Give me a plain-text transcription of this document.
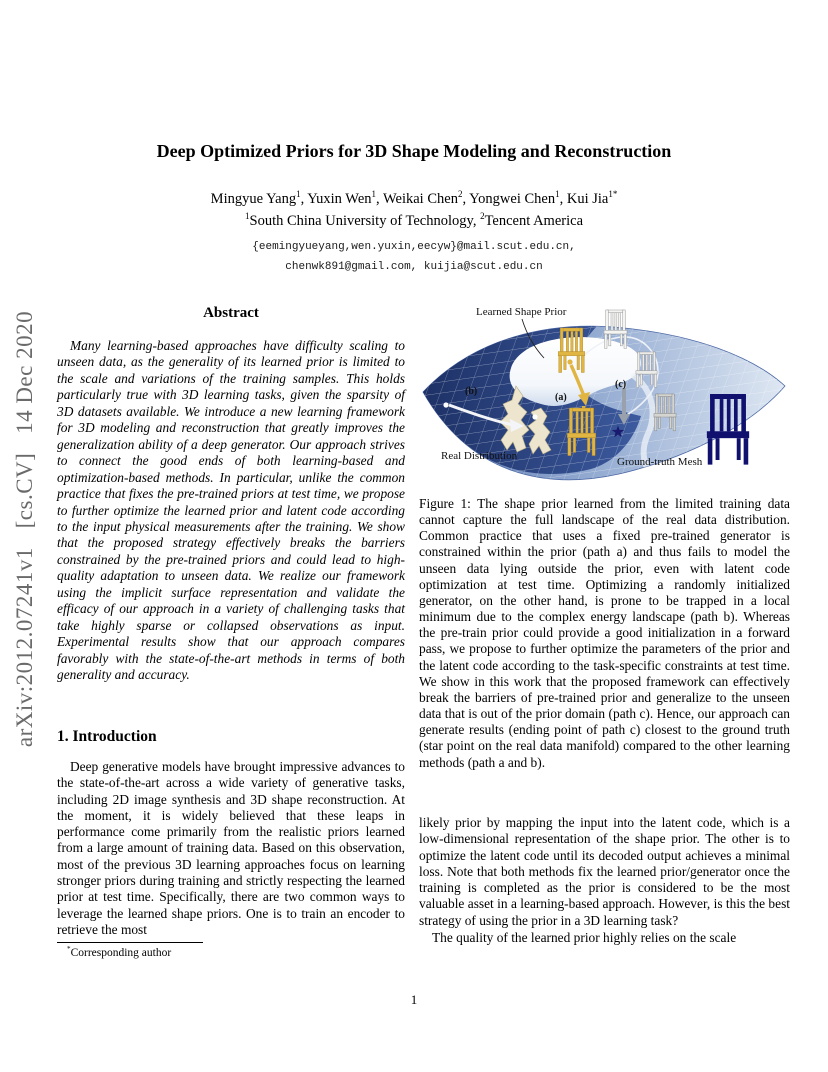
arXiv:2012.07241v1   [cs.CV]   14 Dec 2020
Deep Optimized Priors for 3D Shape Modeling and Reconstruction
Mingyue Yang$^1$, Yuxin Wen$^1$, Weikai Chen$^2$, Yongwei Chen$^1$, Kui Jia$^{1*}$
$^1$South China University of Technology, $^2$Tencent America
{eemingyueyang,wen.yuxin,eecyw}@mail.scut.edu.cn,
chenwk891@gmail.com, kuijia@scut.edu.cn
Abstract
Many learning-based approaches have difficulty scaling to unseen data, as the generality of its learned prior is limited to the scale and variations of the training samples. This holds particularly true with 3D learning tasks, given the sparsity of 3D datasets available. We introduce a new learning framework for 3D modeling and reconstruction that greatly improves the generalization ability of a deep generator. Our approach strives to connect the good ends of both learning-based and optimization-based methods. In particular, unlike the common practice that fixes the pre-trained priors at test time, we propose to further optimize the learned prior and latent code according to the input physical measurements after the training. We show that the proposed strategy effectively breaks the barriers constrained by the pre-trained priors and could lead to high-quality adaptation to unseen data. We realize our framework using the implicit surface representation and validate the efficacy of our approach in a variety of challenging tasks that take highly sparse or collapsed observations as input. Experimental results show that our approach compares favorably with the state-of-the-art methods in terms of both generality and accuracy.
1. Introduction
Deep generative models have brought impressive advances to the state-of-the-art across a wide variety of generative tasks, including 2D image synthesis and 3D shape reconstruction. At the moment, it is widely believed that these leaps in performance come primarily from the realistic priors learned from a large amount of training data. Based on this observation, most of the previous 3D learning approaches focus on learning stronger priors during training and strictly respecting the learned prior at test time. Specifically, there are two common ways to leverage the learned shape priors. One is to train an encoder to retrieve the most
*Corresponding author
Learned Shape Prior
Real Distribution	Ground-truth Mesh
(a)
(b)
(c)
Figure 1: The shape prior learned from the limited training data cannot capture the full landscape of the real data distribution. Common practice that uses a fixed pre-trained generator is constrained within the prior (path a) and thus fails to model the unseen data lying outside the prior, even with latent code optimization at test time. Optimizing a randomly initialized generator, on the other hand, is prone to be trapped in a local minimum due to the complex energy landscape (path b). Whereas the pre-train prior could provide a good initialization in a forward pass, we propose to further optimize the parameters of the prior and the latent code according to the task-specific constraints at test time. We show in this work that the proposed framework can effectively break the barriers of pre-trained prior and generalize to the unseen data that is out of the prior domain (path c). Hence, our approach can generate results (ending point of path c) closest to the ground truth (star point on the real data manifold) compared to the other learning methods (path a and b).
likely prior by mapping the input into the latent code, which is a low-dimensional representation of the shape prior. The other is to optimize the latent code until its decoded output achieves a minimal loss. Note that both methods fix the learned prior/generator once the training is completed as the prior is considered to be the most valuable asset in a learning-based approach. However, is this the best strategy of using the prior in a 3D learning task?
The quality of the learned prior highly relies on the scale
1
